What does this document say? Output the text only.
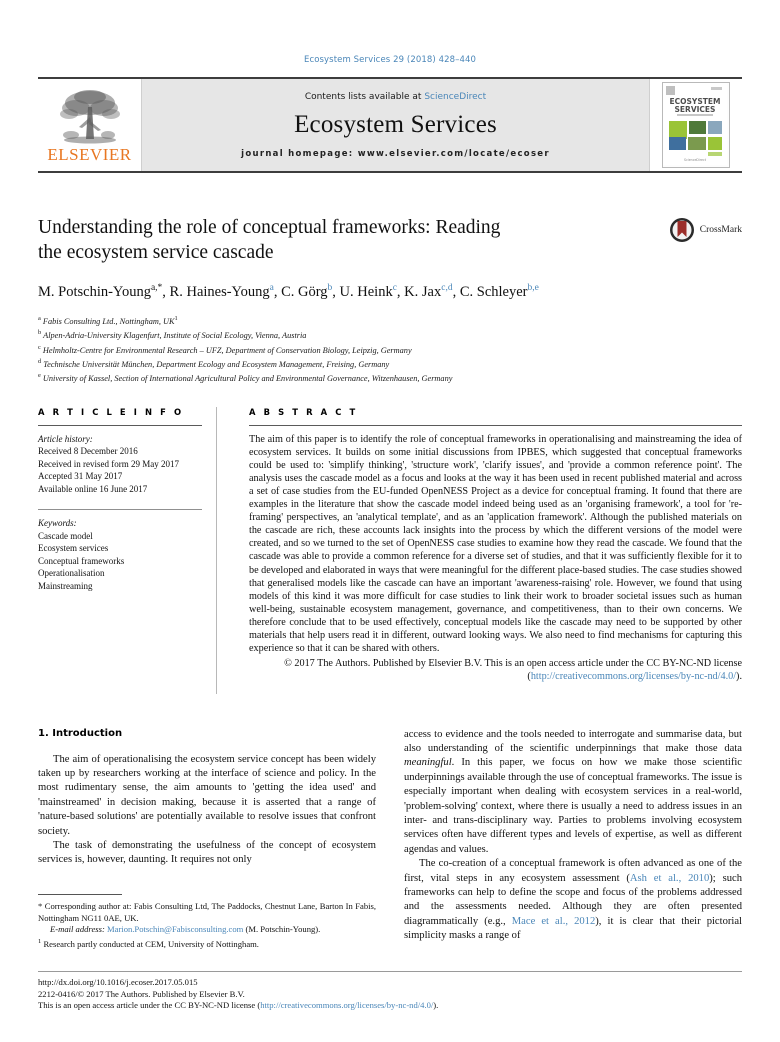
Ecosystem Services 29 (2018) 428–440
ELSEVIER
Contents lists available at ScienceDirect
Ecosystem Services
journal homepage: www.elsevier.com/locate/ecoser
ECOSYSTEM
SERVICES
ScienceDirect
CrossMark
Understanding the role of conceptual frameworks: Reading
the ecosystem service cascade
M. Potschin-Young$^{a,*}$, R. Haines-Young$^a$, C. Görg$^b$, U. Heink$^c$, K. Jax$^{c,d}$, C. Schleyer$^{b,e}$
$^a$ Fabis Consulting Ltd., Nottingham, $UK^1$
$^b$ Alpen-Adria-University Klagenfurt, Institute of Social Ecology, Vienna, Austria
$^c$ Helmholtz-Centre for Environmental Research – UFZ, Department of Conservation Biology, Leipzig, Germany
$^d$ Technische Universität München, Department Ecology and Ecosystem Management, Freising, Germany
$^e$ University of Kassel, Section of International Agricultural Policy and Environmental Governance, Witzenhausen, Germany
A R T I C L E I N F O
Article history:
Received 8 December 2016
Received in revised form 29 May 2017
Accepted 31 May 2017
Available online 16 June 2017
Keywords:
Cascade model
Ecosystem services
Conceptual frameworks
Operationalisation
Mainstreaming
A B S T R A C T

The aim of this paper is to identify the role of conceptual frameworks in operationalising and mainstreaming the idea of ecosystem services. It builds on some initial discussions from IPBES, which suggested that conceptual frameworks could be used to: 'simplify thinking', 'structure work', 'clarify issues', and 'provide a common reference point'. The analysis uses the cascade model as a focus and looks at the way it has been used in recent published material and across a set of case studies from the EU-funded OpenNESS Project as a device for conceptual framing. It found that there are examples in the literature that show the cascade model indeed being used as an 'organising framework', a tool for 're-framing' perspectives, an 'analytical template', and as an 'application framework'. Although the published materials on the cascade are rich, these accounts lack insights into the process by which the different versions of the model were created, and so we turned to the set of OpenNESS case studies to examine how they read the cascade. We found that the cascade was able to provide a common reference for a diverse set of studies, and that it was sufficiently flexible for it to be developed and elaborated in ways that were meaningful for the different place-based studies. The case studies showed that generalised models like the cascade can have an important 'awareness-raising' role. However, we found that using models of this kind it was more difficult for case studies to link their work to broader societal issues such as human well-being, sustainable ecosystem management, governance, and competitiveness, than to their own concerns. We therefore conclude that to be used effectively, conceptual models like the cascade may need to be supported by other materials that help users read it in different, outward looking ways. We also need to find mechanisms for capturing this experience so that it can be shared with others.

© 2017 The Authors. Published by Elsevier B.V. This is an open access article under the CC BY-NC-ND license (http://creativecommons.org/licenses/by-nc-nd/4.0/).

1. Introduction

The aim of operationalising the ecosystem service concept has been widely taken up by researchers working at the interface of science and policy. In the most rudimentary sense, the aim amounts to 'getting the idea used' and 'mainstreamed' in decision making, because it is asserted that a range of 'nature-based solutions' are potentially available to resolve issues that confront society.

The task of demonstrating the usefulness of the concept of ecosystem services is, however, daunting. It requires not only

* Corresponding author at: Fabis Consulting Ltd, The Paddocks, Chestnut Lane, Barton In Fabis, Nottingham NG11 0AE, UK.
E-mail address: Marion.Potschin@Fabisconsulting.com (M. Potschin-Young).
$^1$ Research partly conducted at CEM, University of Nottingham.

access to evidence and the tools needed to interrogate and summarise data, but also understanding of the scientific underpinnings that make those data meaningful. In this paper, we focus on how we make those scientific underpinnings available through the use of conceptual frameworks. The issue is especially important when dealing with ecosystem services in a real-world, 'problem-solving' context, where there is usually a need to address issues in an inter- and trans-disciplinary way. Parties to problems involving ecosystem services often have different types and levels of expertise, as well as different agendas and values.

The co-creation of a conceptual framework is often advanced as one of the first, vital steps in any ecosystem assessment (Ash et al., 2010); such frameworks can help to define the scope and focus of the problems addressed and the assessments needed. Although they are often presented diagrammatically (e.g., Mace et al., 2012), it is clear that their pictorial simplicity masks a range of

http://dx.doi.org/10.1016/j.ecoser.2017.05.015
2212-0416/© 2017 The Authors. Published by Elsevier B.V.
This is an open access article under the CC BY-NC-ND license (http://creativecommons.org/licenses/by-nc-nd/4.0/).
